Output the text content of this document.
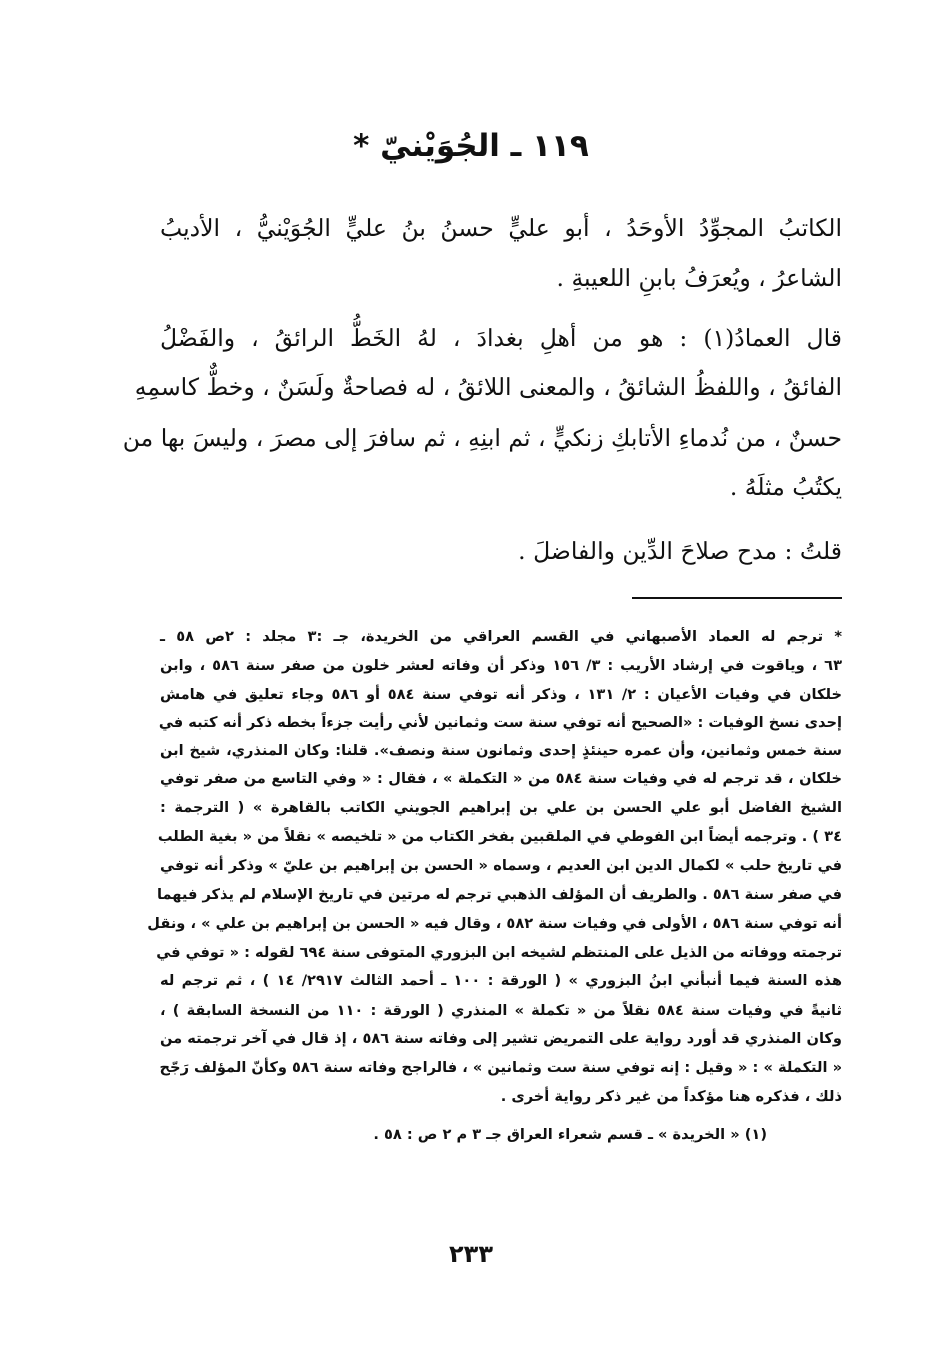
١١٩ ـ الجُوَيْنيّ *
الكاتبُ المجوِّدُ الأوحَدُ ، أبو عليٍّ حسنُ بنُ عليٍّ الجُوَيْنيُّ ، الأديبُ
الشاعرُ ، ويُعرَفُ بابنِ اللعيبةِ .
قال العمادُ(١) : هو من أهلِ بغدادَ ، لهُ الخَطُّ الرائقُ ، والفَضْلُ
الفائقُ ، واللفظُ الشائقُ ، والمعنى اللائقُ ، له فصاحةٌ ولَسَنٌ ، وخطٌّ كاسمِهِ
حسنٌ ، من نُدماءِ الأتابكِ زنكيٍّ ، ثم ابنِهِ ، ثم سافرَ إلى مصرَ ، وليسَ بها من
يكتُبُ مثلَهُ .
قلتُ : مدح صلاحَ الدِّين والفاضلَ .
* ترجم له العماد الأصبهاني في القسم العراقي من الخريدة، جـ :٣ مجلد : ٢ص ٥٨ ـ
٦٣ ، وياقوت في إرشاد الأريب : ٣/ ١٥٦ وذكر أن وفاته لعشر خلون من صفر سنة ٥٨٦ ، وابن
خلكان في وفيات الأعيان : ٢/ ١٣١ ، وذكر أنه توفي سنة ٥٨٤ أو ٥٨٦ وجاء تعليق في هامش
إحدى نسخ الوفيات : «الصحيح أنه توفي سنة ست وثمانين لأني رأيت جزءاً بخطه ذكر أنه كتبه في
سنة خمس وثمانين، وأن عمره حينئذٍ إحدى وثمانون سنة ونصف». قلنا: وكان المنذري، شيخ ابن
خلكان ، قد ترجم له في وفيات سنة ٥٨٤ من « التكملة » ، فقال : « وفي التاسع من صفر توفي
الشيخ الفاضل أبو علي الحسن بن علي بن إبراهيم الجويني الكاتب بالقاهرة » ( الترجمة :
٣٤ ) . وترجمه أيضاً ابن الفوطي في الملقبين بفخر الكتاب من « تلخيصه » نقلاً من « بغية الطلب
في تاريخ حلب » لكمال الدين ابن العديم ، وسماه « الحسن بن إبراهيم بن عليّ » وذكر أنه توفي
في صفر سنة ٥٨٦ . والطريف أن المؤلف الذهبي ترجم له مرتين في تاريخ الإسلام لم يذكر فيهما
أنه توفي سنة ٥٨٦ ، الأولى في وفيات سنة ٥٨٢ ، وقال فيه « الحسن بن إبراهيم بن علي » ، ونقل
ترجمته ووفاته من الذيل على المنتظم لشيخه ابن البزوري المتوفى سنة ٦٩٤ لقوله : « توفي في
هذه السنة فيما أنبأني ابنُ البزوري » ( الورقة : ١٠٠ ـ أحمد الثالث ٢٩١٧/ ١٤ ) ، ثم ترجم له
ثانيةً في وفيات سنة ٥٨٤ نقلاً من « تكملة » المنذري ( الورقة : ١١٠ من النسخة السابقة ) ،
وكان المنذري قد أورد رواية على التمريض تشير إلى وفاته سنة ٥٨٦ ، إذ قال في آخر ترجمته من
« التكملة » : « وقيل : إنه توفي سنة ست وثمانين » ، فالراجح وفاته سنة ٥٨٦ وكأنّ المؤلف رَجّح
ذلك ، فذكره هنا مؤكداً من غير ذكر رواية أخرى .
(١) « الخريدة » ـ قسم شعراء العراق جـ ٣ م ٢ ص : ٥٨ .
٢٣٣
